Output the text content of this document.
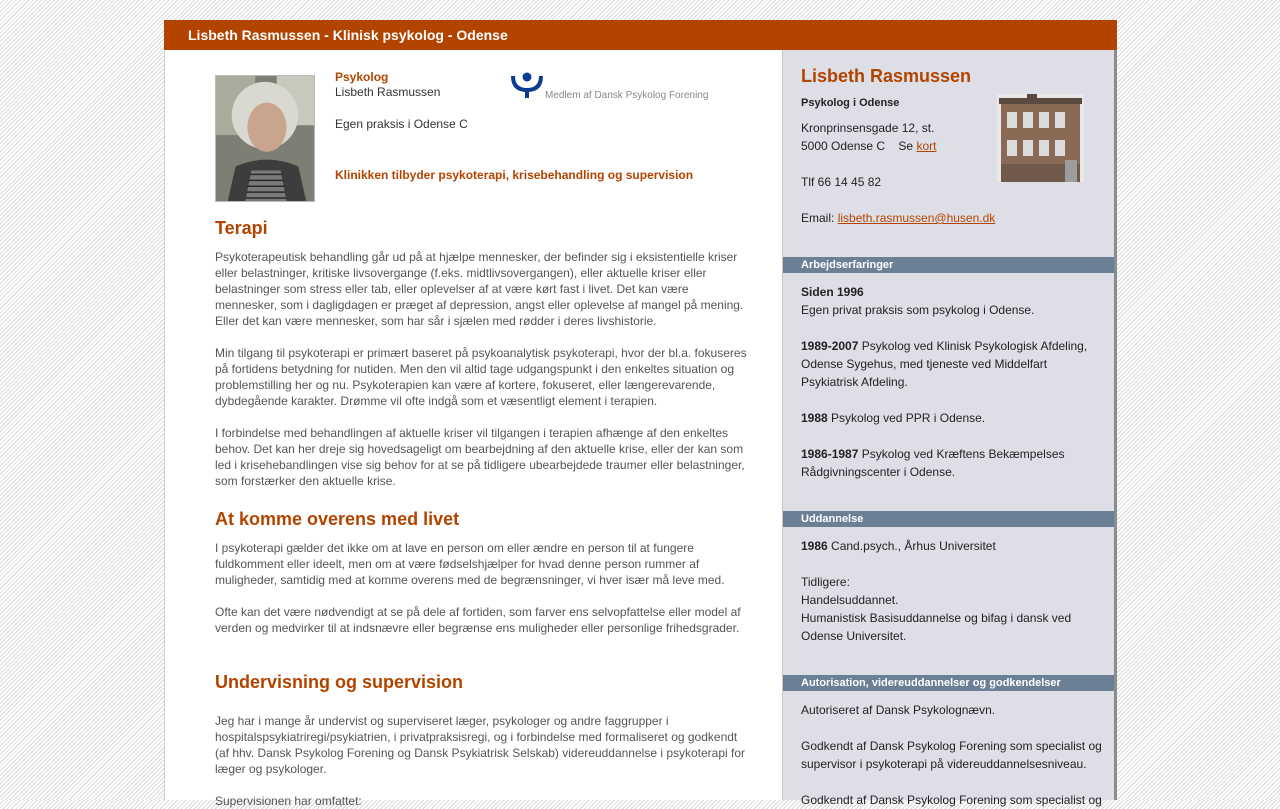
Lisbeth Rasmussen - Klinisk psykolog - Odense
Psykolog
Lisbeth Rasmussen
Egen praksis i Odense C
Medlem af Dansk Psykolog Forening
Klinikken tilbyder psykoterapi, krisebehandling og supervision
Terapi

Psykoterapeutisk behandling går ud på at hjælpe mennesker, der befinder sig i eksistentielle kriser eller belastninger, kritiske livsovergange (f.eks. midtlivsovergangen), eller aktuelle kriser eller belastninger som stress eller tab, eller oplevelser af at være kørt fast i livet. Det kan være mennesker, som i dagligdagen er præget af depression, angst eller oplevelse af mangel på mening. Eller det kan være mennesker, som har sår i sjælen med rødder i deres livshistorie.

Min tilgang til psykoterapi er primært baseret på psykoanalytisk psykoterapi, hvor der bl.a. fokuseres på fortidens betydning for nutiden. Men den vil altid tage udgangspunkt i den enkeltes situation og problemstilling her og nu. Psykoterapien kan være af kortere, fokuseret, eller længerevarende, dybdegående karakter. Drømme vil ofte indgå som et væsentligt element i terapien.

I forbindelse med behandlingen af aktuelle kriser vil tilgangen i terapien afhænge af den enkeltes behov. Det kan her dreje sig hovedsageligt om bearbejdning af den aktuelle krise, eller der kan som led i krisehebandlingen vise sig behov for at se på tidligere ubearbejdede traumer eller belastninger, som forstærker den aktuelle krise.

At komme overens med livet

I psykoterapi gælder det ikke om at lave en person om eller ændre en person til at fungere fuldkomment eller ideelt, men om at være fødselshjælper for hvad denne person rummer af muligheder, samtidig med at komme overens med de begrænsninger, vi hver især må leve med.

Ofte kan det være nødvendigt at se på dele af fortiden, som farver ens selvopfattelse eller model af verden og medvirker til at indsnævre eller begrænse ens muligheder eller personlige frihedsgrader.

Undervisning og supervision

Jeg har i mange år undervist og superviseret læger, psykologer og andre faggrupper i hospitalspsykiatriregi/psykiatrien, i privatpraksisregi, og i forbindelse med formaliseret og godkendt (af hhv. Dansk Psykolog Forening og Dansk Psykiatrisk Selskab) videreuddannelse i psykoterapi for læger og psykologer.

Supervisionen har omfattet:

Lisbeth Rasmussen
Psykolog i Odense
Kronprinsensgade 12, st.
5000 Odense C Se kort
Tlf 66 14 45 82
Email: lisbeth.rasmussen@husen.dk
Arbejdserfaringer
Siden 1996
Egen privat praksis som psykolog i Odense.
1989-2007 Psykolog ved Klinisk Psykologisk Afdeling, Odense Sygehus, med tjeneste ved Middelfart Psykiatrisk Afdeling.
1988 Psykolog ved PPR i Odense.
1986-1987 Psykolog ved Kræftens Bekæmpelses Rådgivningscenter i Odense.
Uddannelse
1986 Cand.psych., Århus Universitet
Tidligere:
Handelsuddannet.
Humanistisk Basisuddannelse og bifag i dansk ved Odense Universitet.
Autorisation, videreuddannelser og godkendelser
Autoriseret af Dansk Psykolognævn.
Godkendt af Dansk Psykolog Forening som specialist og supervisor i psykoterapi på videreuddannelsesniveau.
Godkendt af Dansk Psykolog Forening som specialist og
